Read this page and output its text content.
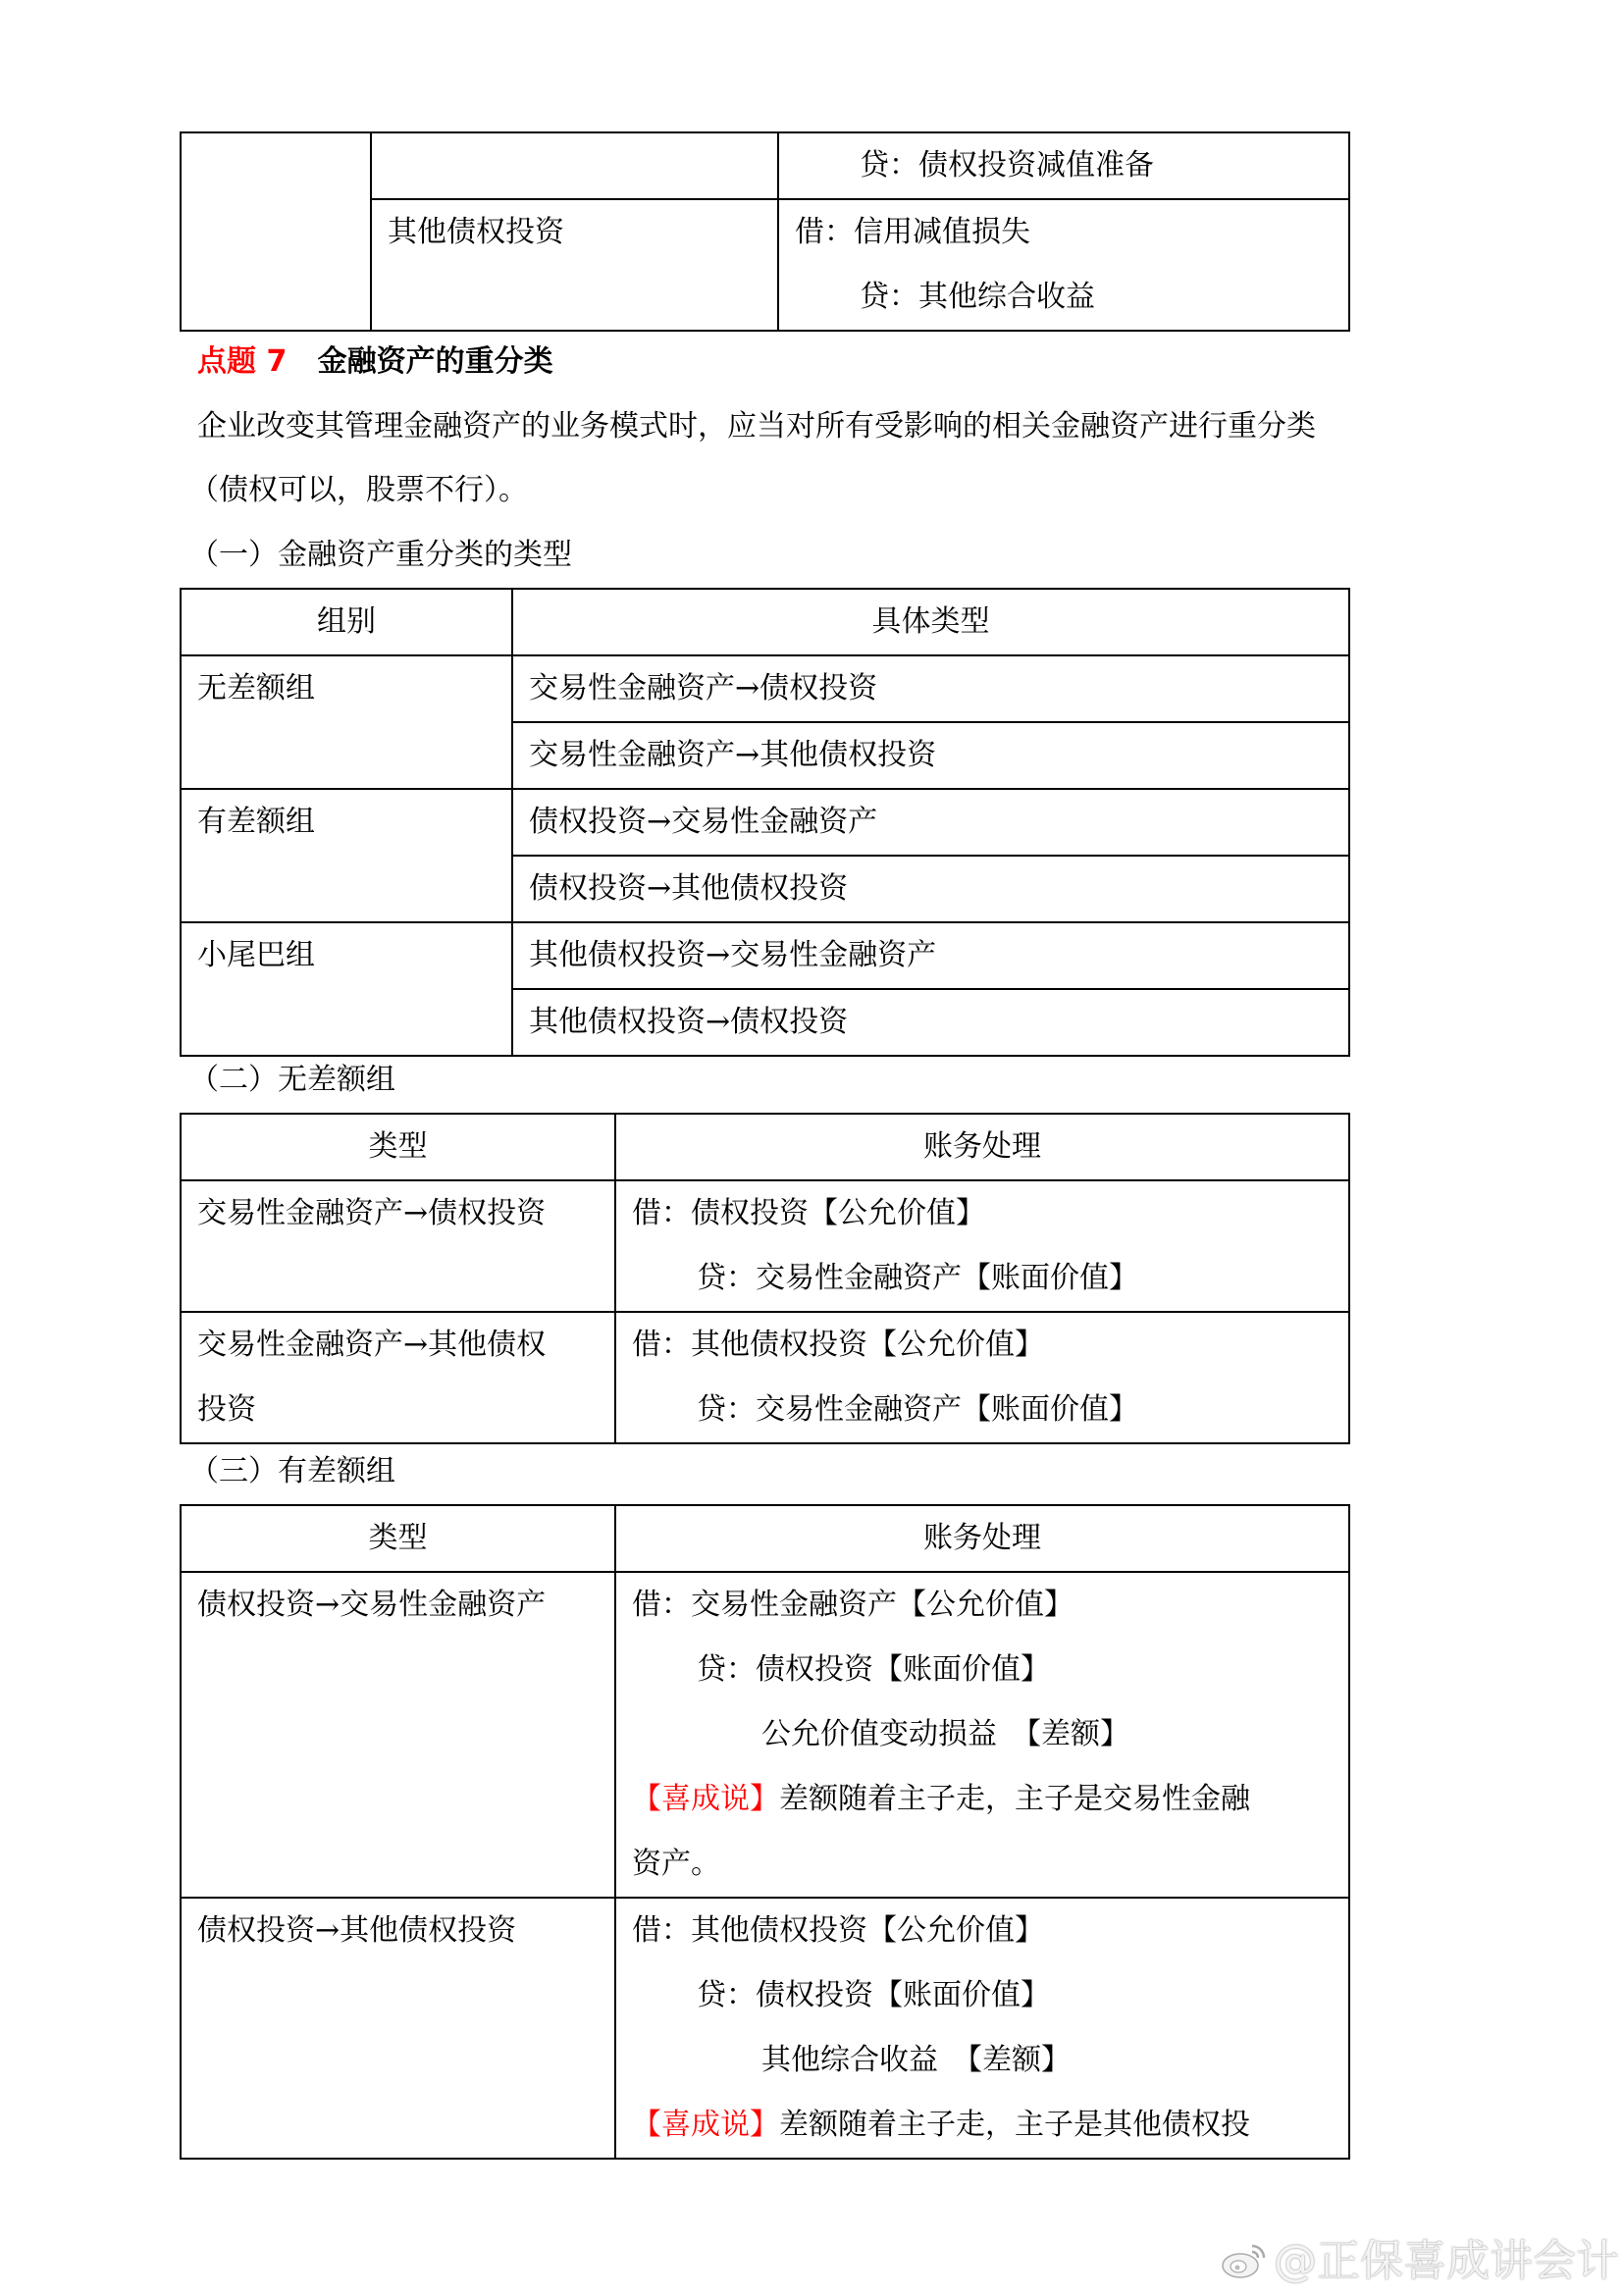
		贷：债权投资减值准备

	其他债权投资	借：信用减值损失
贷：其他综合收益
点题 7 金融资产的重分类
企业改变其管理金融资产的业务模式时，应当对所有受影响的相关金融资产进行重分类
（债权可以，股票不行）。
（一）金融资产重分类的类型
组别	具体类型
无差额组	交易性金融资产→债权投资
	交易性金融资产→其他债权投资
有差额组	债权投资→交易性金融资产
	债权投资→其他债权投资
小尾巴组	其他债权投资→交易性金融资产
	其他债权投资→债权投资
（二）无差额组
类型	账务处理

交易性金融资产→债权投资	借：债权投资【公允价值】
贷：交易性金融资产【账面价值】

交易性金融资产→其他债权
投资	借：其他债权投资【公允价值】
贷：交易性金融资产【账面价值】
（三）有差额组
类型	账务处理

债权投资→交易性金融资产	借：交易性金融资产【公允价值】
贷：债权投资【账面价值】
公允价值变动损益　【差额】
【喜成说】差额随着主子走，主子是交易性金融
资产。

债权投资→其他债权投资	借：其他债权投资【公允价值】
贷：债权投资【账面价值】
其他综合收益　【差额】
【喜成说】差额随着主子走，主子是其他债权投
@正保喜成讲会计
